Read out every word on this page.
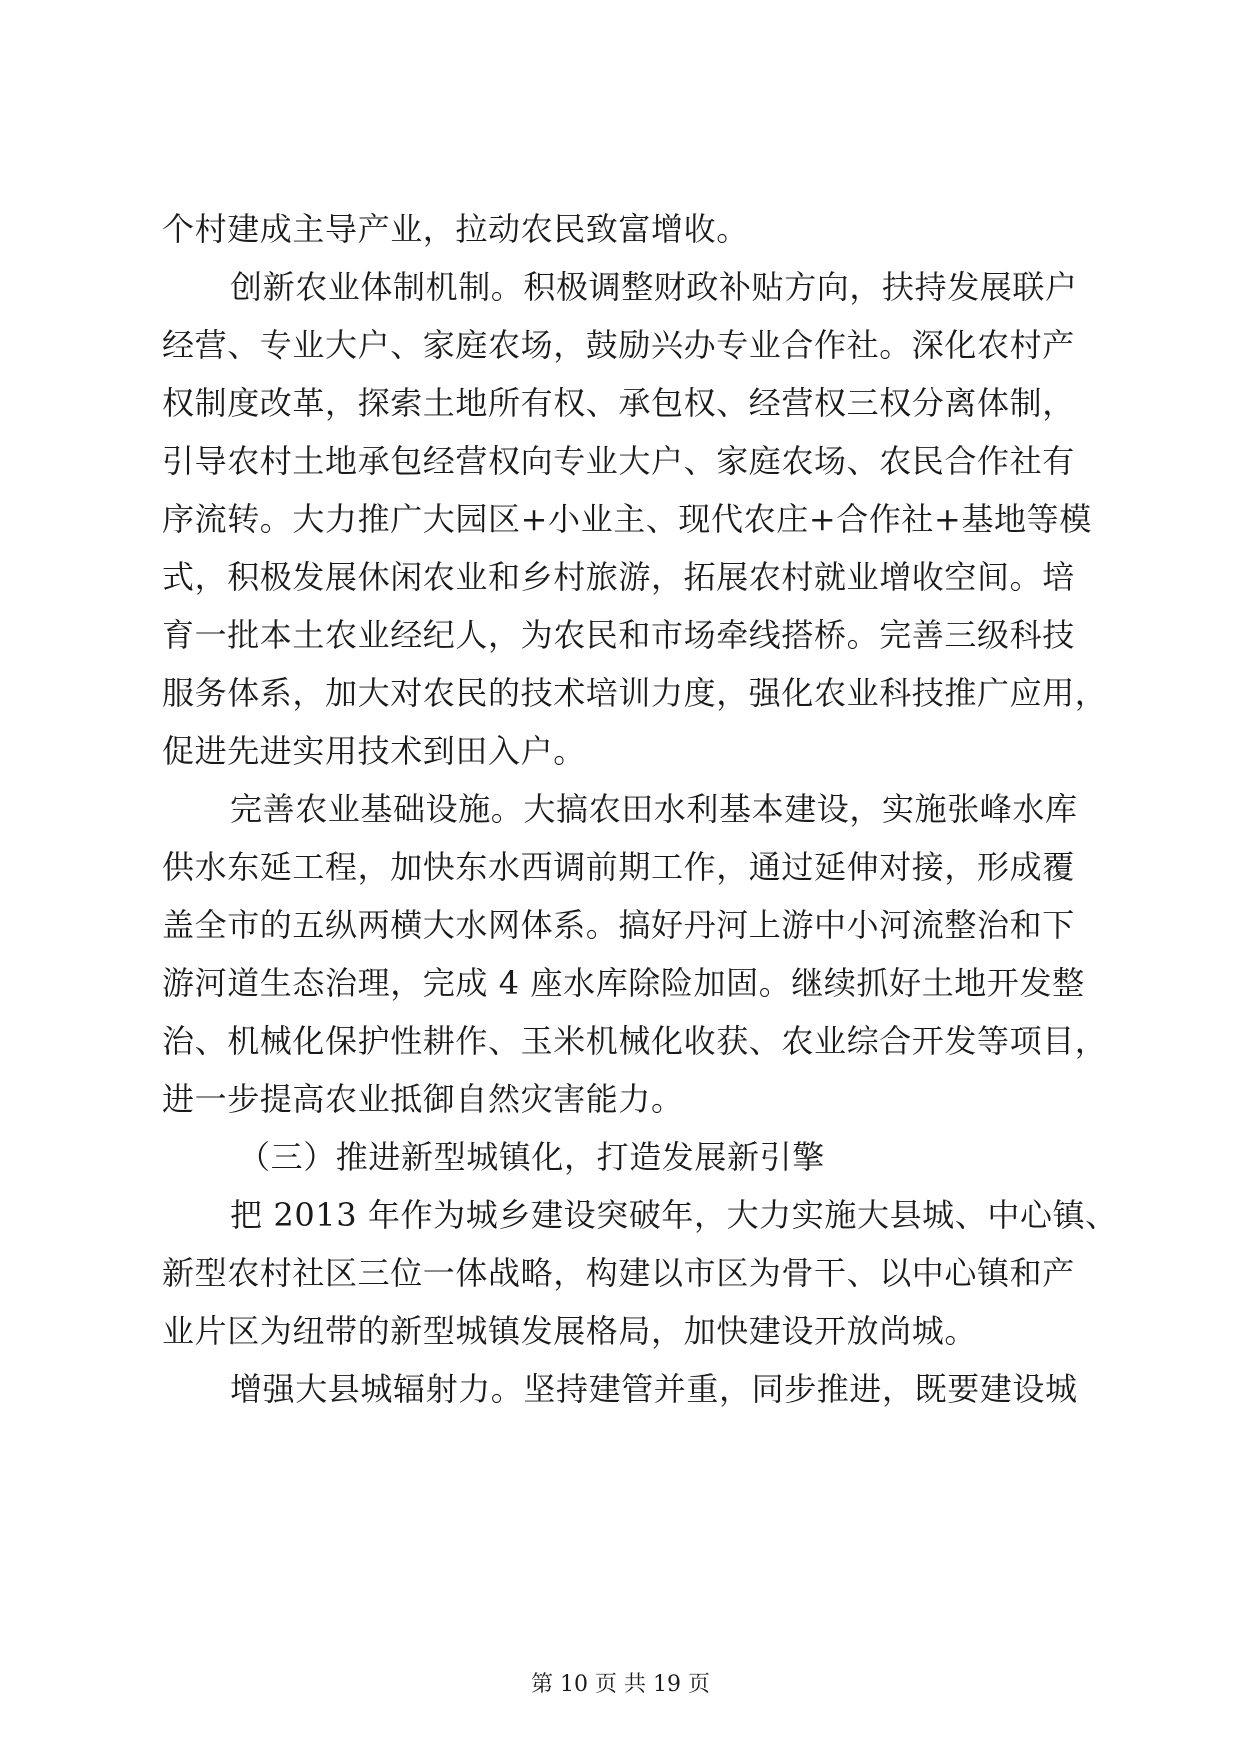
个村建成主导产业，拉动农民致富增收。
创新农业体制机制。积极调整财政补贴方向，扶持发展联户
经营、专业大户、家庭农场，鼓励兴办专业合作社。深化农村产
权制度改革，探索土地所有权、承包权、经营权三权分离体制，
引导农村土地承包经营权向专业大户、家庭农场、农民合作社有
序流转。大力推广大园区+小业主、现代农庄+合作社+基地等模
式，积极发展休闲农业和乡村旅游，拓展农村就业增收空间。培
育一批本土农业经纪人，为农民和市场牵线搭桥。完善三级科技
服务体系，加大对农民的技术培训力度，强化农业科技推广应用，
促进先进实用技术到田入户。
完善农业基础设施。大搞农田水利基本建设，实施张峰水库
供水东延工程，加快东水西调前期工作，通过延伸对接，形成覆
盖全市的五纵两横大水网体系。搞好丹河上游中小河流整治和下
游河道生态治理，完成 4 座水库除险加固。继续抓好土地开发整
治、机械化保护性耕作、玉米机械化收获、农业综合开发等项目，
进一步提高农业抵御自然灾害能力。
（三）推进新型城镇化，打造发展新引擎
把 2013 年作为城乡建设突破年，大力实施大县城、中心镇、
新型农村社区三位一体战略，构建以市区为骨干、以中心镇和产
业片区为纽带的新型城镇发展格局，加快建设开放尚城。
增强大县城辐射力。坚持建管并重，同步推进，既要建设城
第 10 页 共 19 页
